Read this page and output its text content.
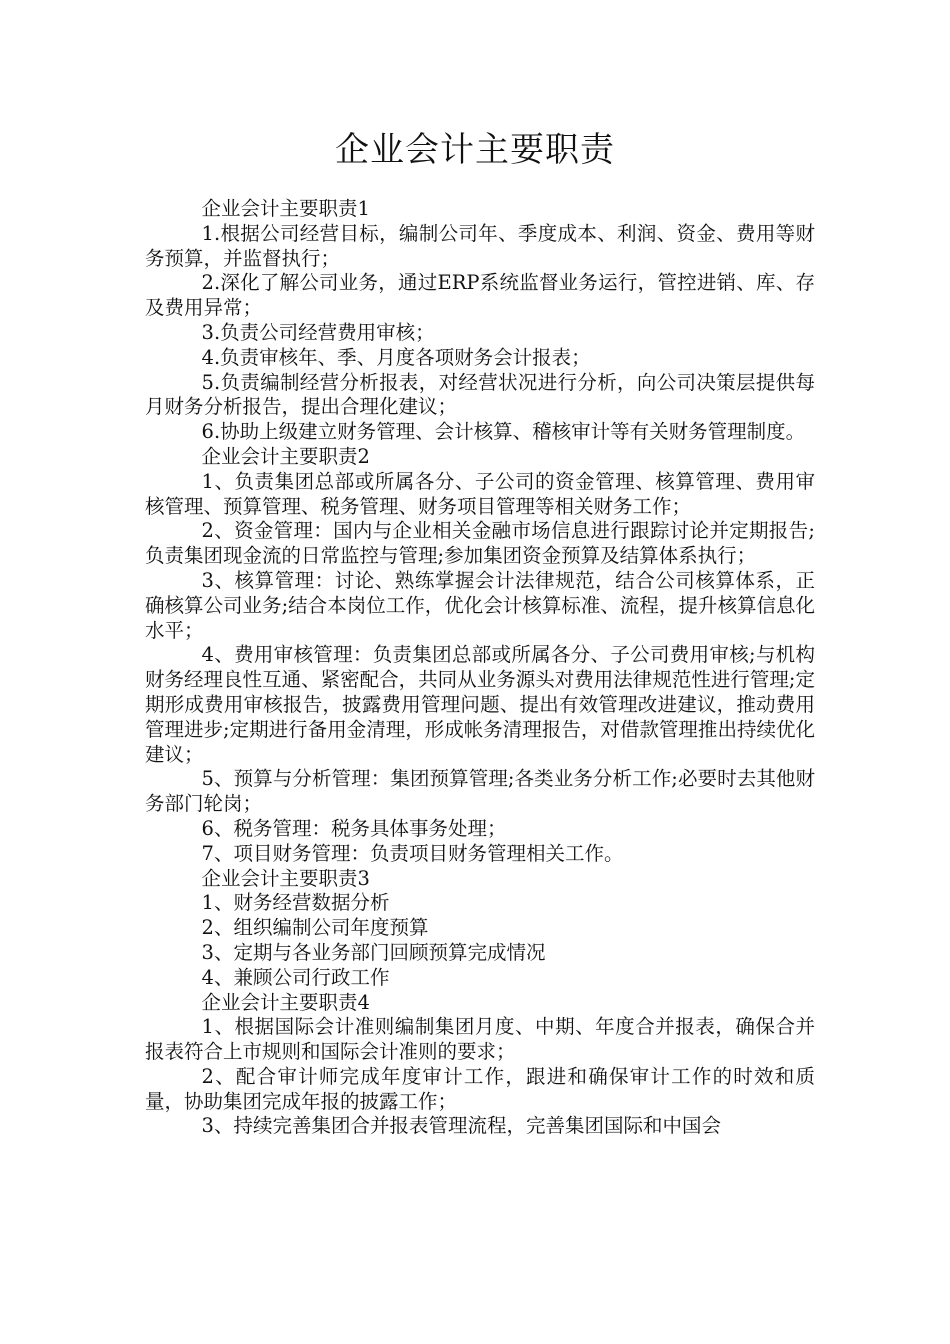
企业会计主要职责

企业会计主要职责1

1.根据公司经营目标，编制公司年、季度成本、利润、资金、费用等财务预算，并监督执行；

2.深化了解公司业务，通过ERP系统监督业务运行，管控进销、库、存及费用异常；

3.负责公司经营费用审核；

4.负责审核年、季、月度各项财务会计报表；

5.负责编制经营分析报表，对经营状况进行分析，向公司决策层提供每月财务分析报告，提出合理化建议；

6.协助上级建立财务管理、会计核算、稽核审计等有关财务管理制度。

企业会计主要职责2

1、负责集团总部或所属各分、子公司的资金管理、核算管理、费用审核管理、预算管理、税务管理、财务项目管理等相关财务工作；

2、资金管理：国内与企业相关金融市场信息进行跟踪讨论并定期报告;负责集团现金流的日常监控与管理;参加集团资金预算及结算体系执行；

3、核算管理：讨论、熟练掌握会计法律规范，结合公司核算体系，正确核算公司业务;结合本岗位工作，优化会计核算标准、流程，提升核算信息化水平；

4、费用审核管理：负责集团总部或所属各分、子公司费用审核;与机构财务经理良性互通、紧密配合，共同从业务源头对费用法律规范性进行管理;定期形成费用审核报告，披露费用管理问题、提出有效管理改进建议，推动费用管理进步;定期进行备用金清理，形成帐务清理报告，对借款管理推出持续优化建议；

5、预算与分析管理：集团预算管理;各类业务分析工作;必要时去其他财务部门轮岗；

6、税务管理：税务具体事务处理；

7、项目财务管理：负责项目财务管理相关工作。

企业会计主要职责3

1、财务经营数据分析

2、组织编制公司年度预算

3、定期与各业务部门回顾预算完成情况

4、兼顾公司行政工作

企业会计主要职责4

1、根据国际会计准则编制集团月度、中期、年度合并报表，确保合并报表符合上市规则和国际会计准则的要求；

2、配合审计师完成年度审计工作，跟进和确保审计工作的时效和质量，协助集团完成年报的披露工作；

3、持续完善集团合并报表管理流程，完善集团国际和中国会
